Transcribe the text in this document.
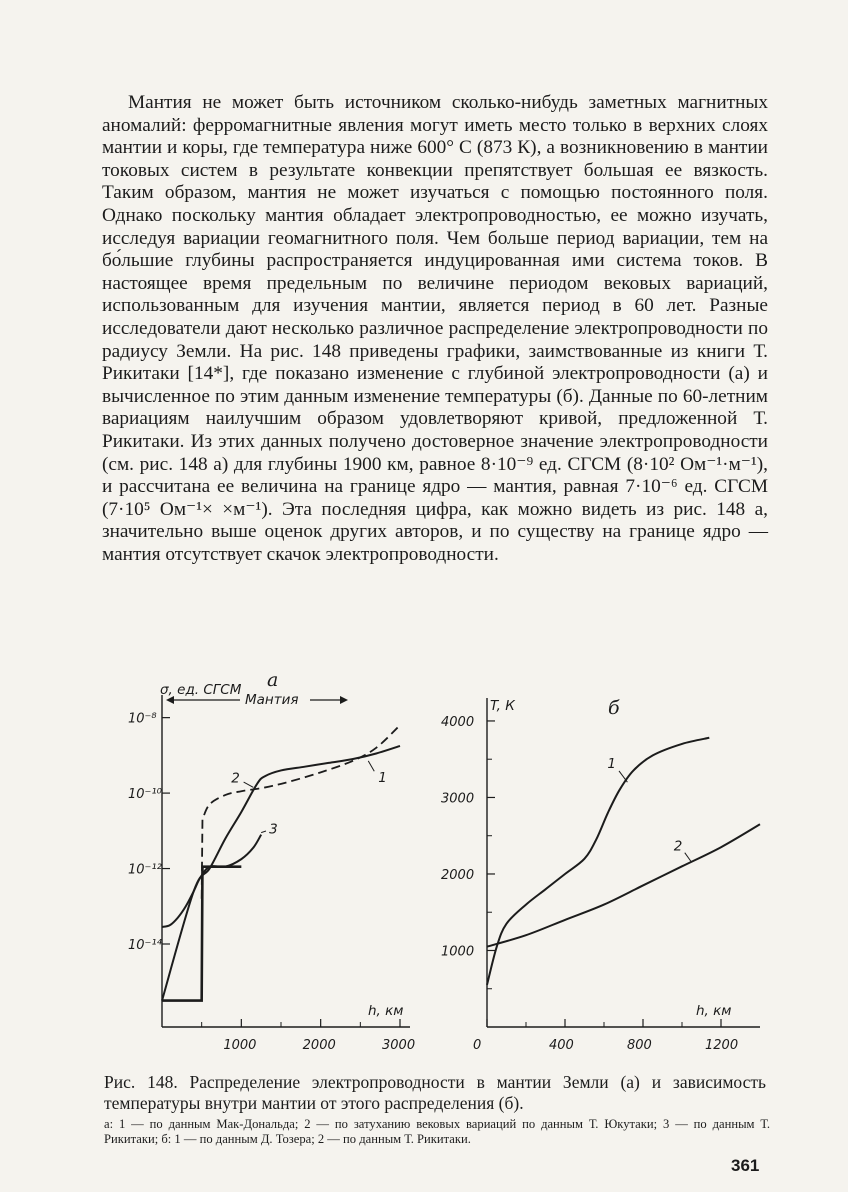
Мантия не может быть источником сколько-нибудь заметных магнитных аномалий: ферромагнитные явления могут иметь место только в верхних слоях мантии и коры, где температура ниже 600° С (873 К), а возникновению в мантии токовых систем в результате конвекции препятствует большая ее вязкость. Таким образом, мантия не может изучаться с помощью постоянного поля. Однако поскольку мантия обладает электропроводностью, ее можно изучать, исследуя вариации геомагнитного поля. Чем больше период вариации, тем на бо́льшие глубины распространяется индуцированная ими система токов. В настоящее время предельным по величине периодом вековых вариаций, использованным для изучения мантии, является период в 60 лет. Разные исследователи дают несколько различное распределение электропроводности по радиусу Земли. На рис. 148 приведены графики, заимствованные из книги Т. Рикитаки [14*], где показано изменение с глубиной электропроводности (а) и вычисленное по этим данным изменение температуры (б). Данные по 60-летним вариациям наилучшим образом удовлетворяют кривой, предложенной Т. Рикитаки. Из этих данных получено достоверное значение электропроводности (см. рис. 148 а) для глубины 1900 км, равное 8·10⁻⁹ ед. СГСМ (8·10² Ом⁻¹·м⁻¹), и рассчитана ее величина на границе ядро — мантия, равная 7·10⁻⁶ ед. СГСМ (7·10⁵ Ом⁻¹× ×м⁻¹). Эта последняя цифра, как можно видеть из рис. 148 а, значительно выше оценок других авторов, и по существу на границе ядро — мантия отсутствует скачок электропроводности.

а
σ, ед. СГСМ
Мантия
10⁻⁸
10⁻¹⁰
10⁻¹²
10⁻¹⁴
1000	2000	3000
1
2
3
h, км
б
T, К
4000
3000
2000
1000
0	400	800	1200
1
2
h, км
Рис. 148. Распределение электропроводности в мантии Земли (а) и зависимость температуры внутри мантии от этого распределения (б).
а: 1 — по данным Мак-Дональда; 2 — по затуханию вековых вариаций по данным Т. Юкутаки; 3 — по данным Т. Рикитаки; б: 1 — по данным Д. Тозера; 2 — по данным Т. Рикитаки.
361
